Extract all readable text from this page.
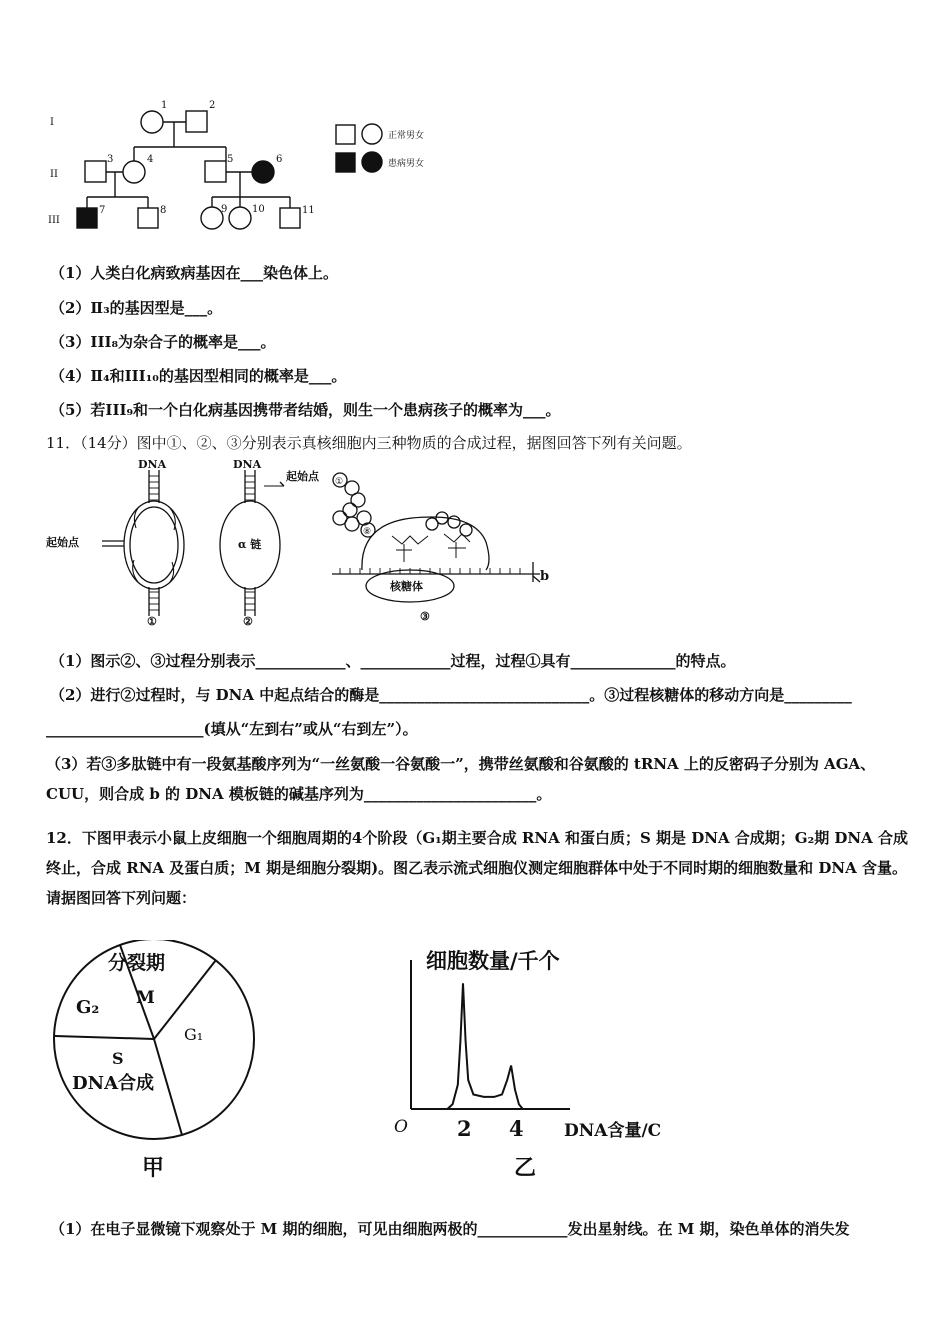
I
II
III
1	2
3	4	5	6
7	8	9 10	11
正常男女
患病男女
（1）人类白化病致病基因在___染色体上。
（2）Ⅱ₃的基因型是___。
（3）III₈为杂合子的概率是___。
（4）Ⅱ₄和III₁₀的基因型相同的概率是___。
（5）若III₉和一个白化病基因携带者结婚，则生一个患病孩子的概率为___。
11．（14分）图中①、②、③分别表示真核细胞内三种物质的合成过程，据图回答下列有关问题。
DNA	DNA
起始点
起始点
α 链
核糖体
①	②	③
①
⑧
b
（1）图示②、③过程分别表示____________、____________过程，过程①具有______________的特点。
（2）进行②过程时，与 DNA 中起点结合的酶是____________________________。③过程核糖体的移动方向是_________
_____________________(填从“左到右”或从“右到左”）。
（3）若③多肽链中有一段氨基酸序列为“一丝氨酸一谷氨酸一”，携带丝氨酸和谷氨酸的 tRNA 上的反密码子分别为 AGA、CUU，则合成 b 的 DNA 模板链的碱基序列为_______________________。
12．下图甲表示小鼠上皮细胞一个细胞周期的4个阶段（G₁期主要合成 RNA 和蛋白质；S 期是 DNA 合成期；G₂期 DNA 合成终止，合成 RNA 及蛋白质；M 期是细胞分裂期)。图乙表示流式细胞仪测定细胞群体中处于不同时期的细胞数量和 DNA 含量。请据图回答下列问题：
分裂期
M
G₂
G₁
S
DNA合成
甲
细胞数量/千个
O 2 4 DNA含量/C
乙
（1）在电子显微镜下观察处于 M 期的细胞，可见由细胞两极的____________发出星射线。在 M 期，染色单体的消失发
